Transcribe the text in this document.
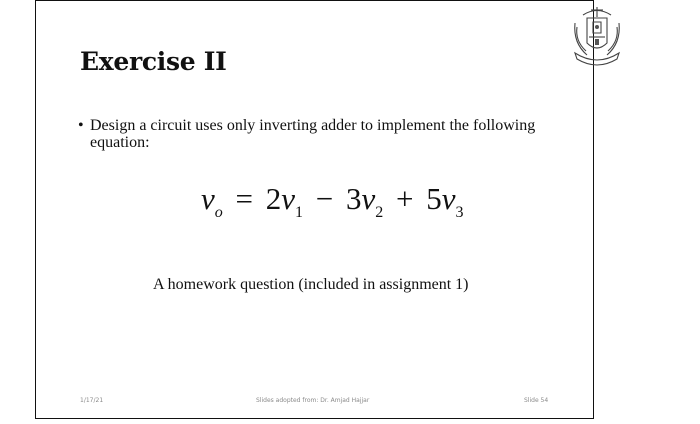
Exercise II
• Design a circuit uses only inverting adder to implement the following equation:
$v_o = 2v_1 - 3v_2 + 5v_3$
A homework question (included in assignment 1)
1/17/21	Slides adopted from: Dr. Amjad Hajjar	Slide 54
